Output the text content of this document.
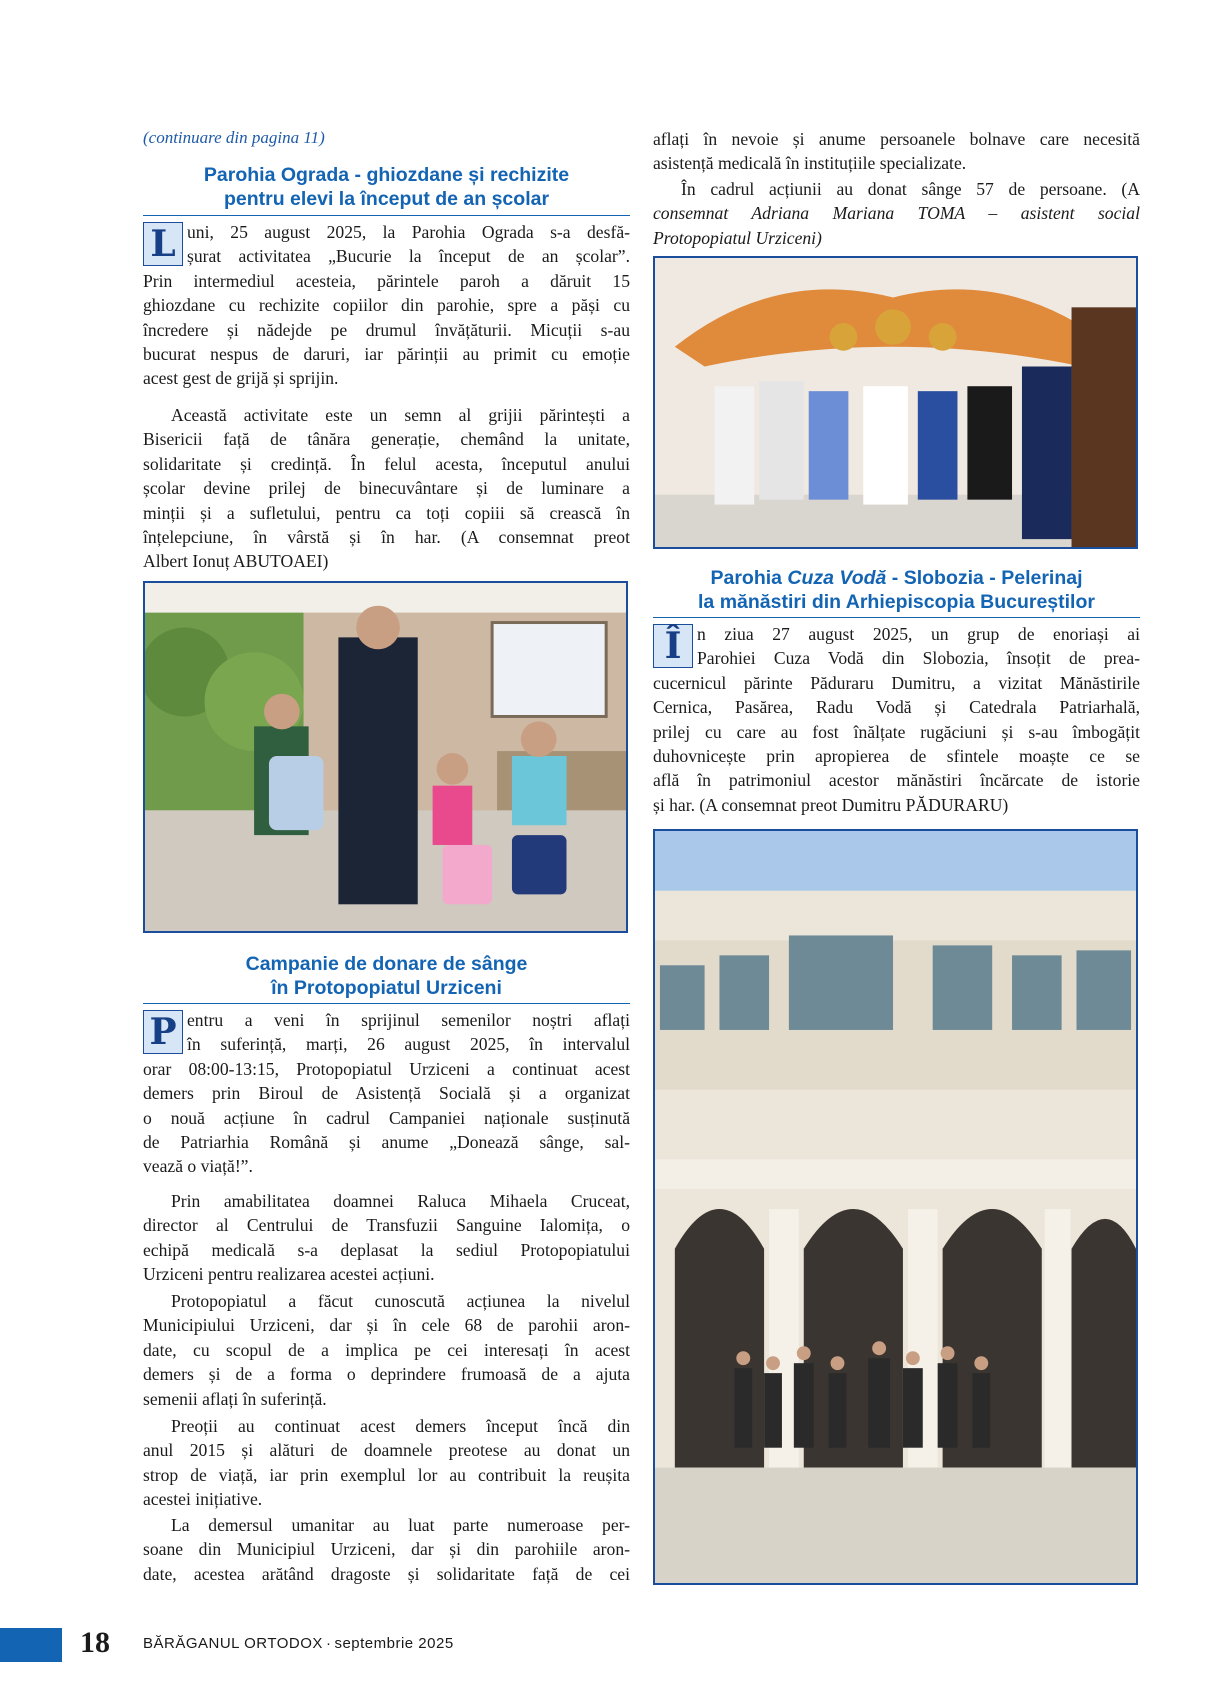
(continuare din pagina 11)
Parohia Ograda - ghiozdane și rechizite
pentru elevi la început de an școlar
L uni, 25 august 2025, la Parohia Ograda s-a desfă-
șurat activitatea „Bucurie la început de an școlar”.
Prin intermediul acesteia, părintele paroh a dăruit 15
ghiozdane cu rechizite copiilor din parohie, spre a păși cu
încredere și nădejde pe drumul învățăturii. Micuții s-au
bucurat nespus de daruri, iar părinții au primit cu emoție
acest gest de grijă și sprijin.
Această activitate este un semn al grijii părintești a
Bisericii față de tânăra generație, chemând la unitate,
solidaritate și credință. În felul acesta, începutul anului
școlar devine prilej de binecuvântare și de luminare a
minții și a sufletului, pentru ca toți copiii să crească în
înțelepciune, în vârstă și în har. (A consemnat preot
Albert Ionuț ABUTOAEI)
Campanie de donare de sânge
în Protopopiatul Urziceni
P entru a veni în sprijinul semenilor noștri aflați
în suferință, marți, 26 august 2025, în intervalul
orar 08:00-13:15, Protopopiatul Urziceni a continuat acest
demers prin Biroul de Asistență Socială și a organizat
o nouă acțiune în cadrul Campaniei naționale susținută
de Patriarhia Română și anume „Donează sânge, sal-
vează o viață!”.
Prin amabilitatea doamnei Raluca Mihaela Cruceat,
director al Centrului de Transfuzii Sanguine Ialomița, o
echipă medicală s-a deplasat la sediul Protopopiatului
Urziceni pentru realizarea acestei acțiuni.
Protopopiatul a făcut cunoscută acțiunea la nivelul
Municipiului Urziceni, dar și în cele 68 de parohii aron-
date, cu scopul de a implica pe cei interesați în acest
demers și de a forma o deprindere frumoasă de a ajuta
semenii aflați în suferință.
Preoții au continuat acest demers început încă din
anul 2015 și alături de doamnele preotese au donat un
strop de viață, iar prin exemplul lor au contribuit la reușita
acestei inițiative.
La demersul umanitar au luat parte numeroase per-
soane din Municipiul Urziceni, dar și din parohiile aron-
date, acestea arătând dragoste și solidaritate față de cei
aflați în nevoie și anume persoanele bolnave care necesită
asistență medicală în instituțiile specializate.
În cadrul acțiunii au donat sânge 57 de persoane. (A
consemnat Adriana Mariana TOMA – asistent social
Protopopiatul Urziceni)
Parohia Cuza Vodă - Slobozia - Pelerinaj
la mănăstiri din Arhiepiscopia Bucureștilor
Î n ziua 27 august 2025, un grup de enoriași ai
Parohiei Cuza Vodă din Slobozia, însoțit de prea-
cucernicul părinte Păduraru Dumitru, a vizitat Mănăstirile
Cernica, Pasărea, Radu Vodă și Catedrala Patriarhală,
prilej cu care au fost înălțate rugăciuni și s-au îmbogățit
duhovnicește prin apropierea de sfintele moaște ce se
află în patrimoniul acestor mănăstiri încărcate de istorie
și har. (A consemnat preot Dumitru PĂDURARU)
18 BĂRĂGANUL ORTODOX · septembrie 2025
